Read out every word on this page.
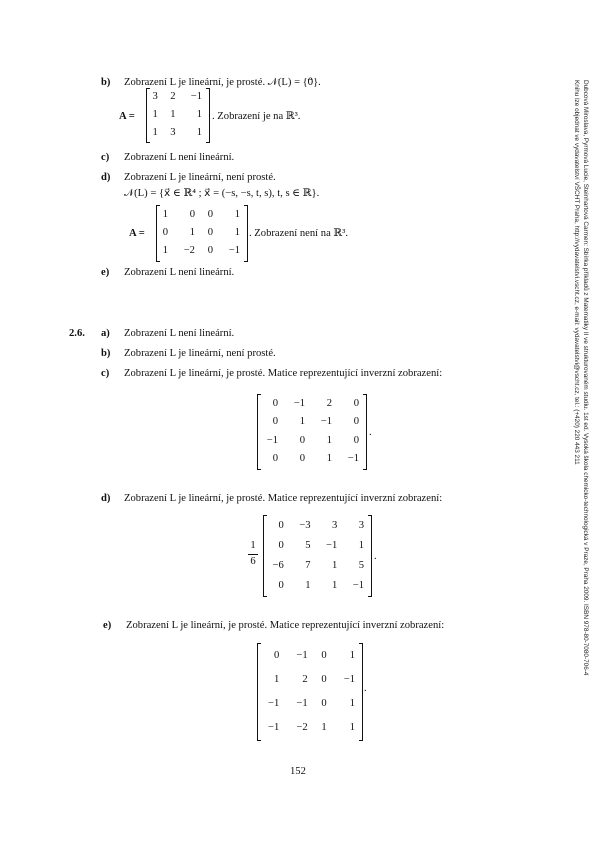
b) Zobrazení L je lineární, je prosté. 𝒩(L) = {0⃗}.
A =
3	2	−1
1	1	1
1	3	1
. Zobrazení je na ℝ³.
c) Zobrazení L není lineární.
d) Zobrazení L je lineární, není prosté.
𝒩(L) = {x⃗ ∈ ℝ⁴ ; x⃗ = (−s, −s, t, s), t, s ∈ ℝ}.
A =
1	0	0	1
0	1	0	1
1	−2	0	−1
. Zobrazení není na ℝ³.
e) Zobrazení L není lineární.
2.6. a) Zobrazení L není lineární.
b) Zobrazení L je lineární, není prosté.
c) Zobrazení L je lineární, je prosté. Matice reprezentující inverzní zobrazení:
0	−1	2	0
0	1	−1	0
−1	0	1	0
0	0	1	−1
.
d) Zobrazení L je lineární, je prosté. Matice reprezentující inverzní zobrazení:
1
6
0	−3	3	3
0	5	−1	1
−6	7	1	5
0	1	1	−1
.
e) Zobrazení L je lineární, je prosté. Matice reprezentující inverzní zobrazení:
0	−1	0	1
1	2	0	−1
−1	−1	0	1
−1	−2	1	1
.
152
Dubcová Miroslava, Pyrmová Lucie, Steinhartová Carmen: Sbírka příkladů z Matematiky II ve strukturovaném studiu. 1st ed. Vysoká škola chemicko-technologická v Praze, Praha 2009. ISBN 978-80-7080-706-4
Knihu lze objednat ve vydavatelství VŠCHT Praha, http://vydavatelstvi.vscht.cz, e-mail: vydavatelstvi@vscht.cz, tel.: (+420) 220 443 211
